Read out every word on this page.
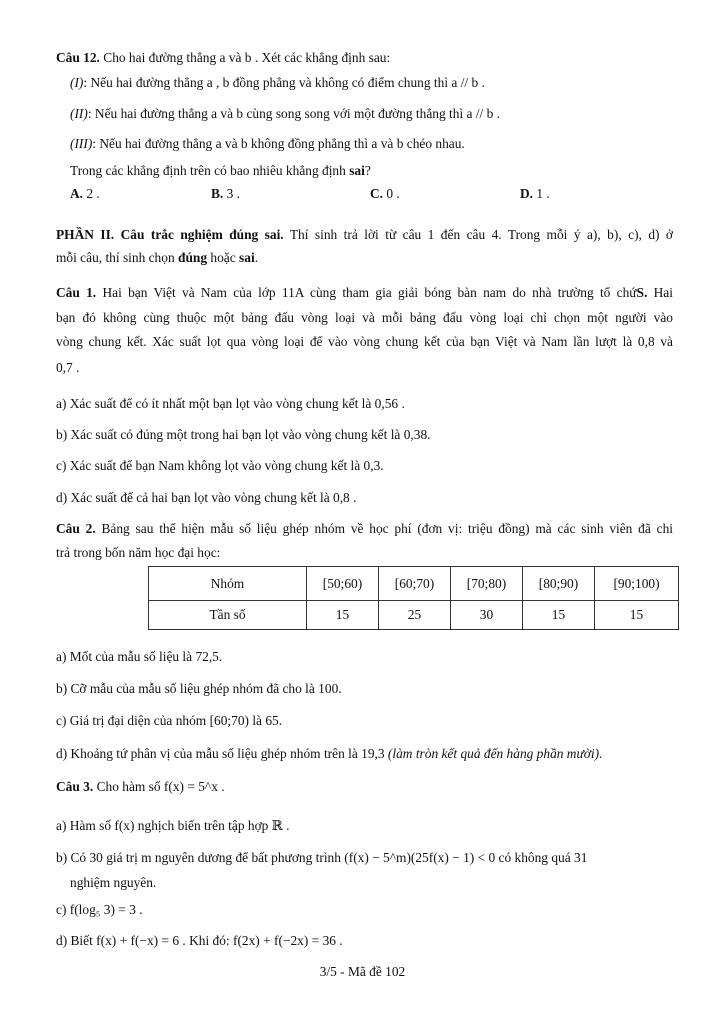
Câu 12. Cho hai đường thẳng a và b . Xét các khẳng định sau:
(I): Nếu hai đường thẳng a , b đồng phẳng và không có điểm chung thì a // b .
(II): Nếu hai đường thẳng a và b cùng song song với một đường thẳng thì a // b .
(III): Nếu hai đường thẳng a và b không đồng phẳng thì a và b chéo nhau.
Trong các khẳng định trên có bao nhiêu khẳng định sai?
A. 2 .	B. 3 .	C. 0 .	D. 1 .
PHẦN II. Câu trắc nghiệm đúng sai. Thí sinh trả lời từ câu 1 đến câu 4. Trong mỗi ý a), b), c), d) ở
mỗi câu, thí sinh chọn đúng hoặc sai.
Câu 1. Hai bạn Việt và Nam của lớp 11A cùng tham gia giải bóng bàn nam do nhà trường tổ chứS. Hai
bạn đó không cùng thuộc một bảng đấu vòng loại và mỗi bảng đấu vòng loại chỉ chọn một người vào
vòng chung kết. Xác suất lọt qua vòng loại để vào vòng chung kết của bạn Việt và Nam lần lượt là 0,8 và
0,7 .
a) Xác suất để có ít nhất một bạn lọt vào vòng chung kết là 0,56 .
b) Xác suất có đúng một trong hai bạn lọt vào vòng chung kết là 0,38.
c) Xác suất để bạn Nam không lọt vào vòng chung kết là 0,3.
d) Xác suất để cả hai bạn lọt vào vòng chung kết là 0,8 .
Câu 2. Bảng sau thể hiện mẫu số liệu ghép nhóm về học phí (đơn vị: triệu đồng) mà các sinh viên đã chi
trả trong bốn năm học đại học:
Nhóm	[50;60)	[60;70)	[70;80)	[80;90)	[90;100)
Tần số	15	25	30	15	15
a) Mốt của mẫu số liệu là 72,5.
b) Cỡ mẫu của mẫu số liệu ghép nhóm đã cho là 100.
c) Giá trị đại diện của nhóm [60;70) là 65.
d) Khoảng tứ phân vị của mẫu số liệu ghép nhóm trên là 19,3 (làm tròn kết quả đến hàng phần mười).
Câu 3. Cho hàm số f(x) = 5^x .
a) Hàm số f(x) nghịch biến trên tập hợp ℝ .
b) Có 30 giá trị m nguyên dương để bất phương trình (f(x) − 5^m)(25f(x) − 1) < 0 có không quá 31
nghiệm nguyên.
c) f(log₅ 3) = 3 .
d) Biết f(x) + f(−x) = 6 . Khi đó: f(2x) + f(−2x) = 36 .
3/5 - Mã đề 102
